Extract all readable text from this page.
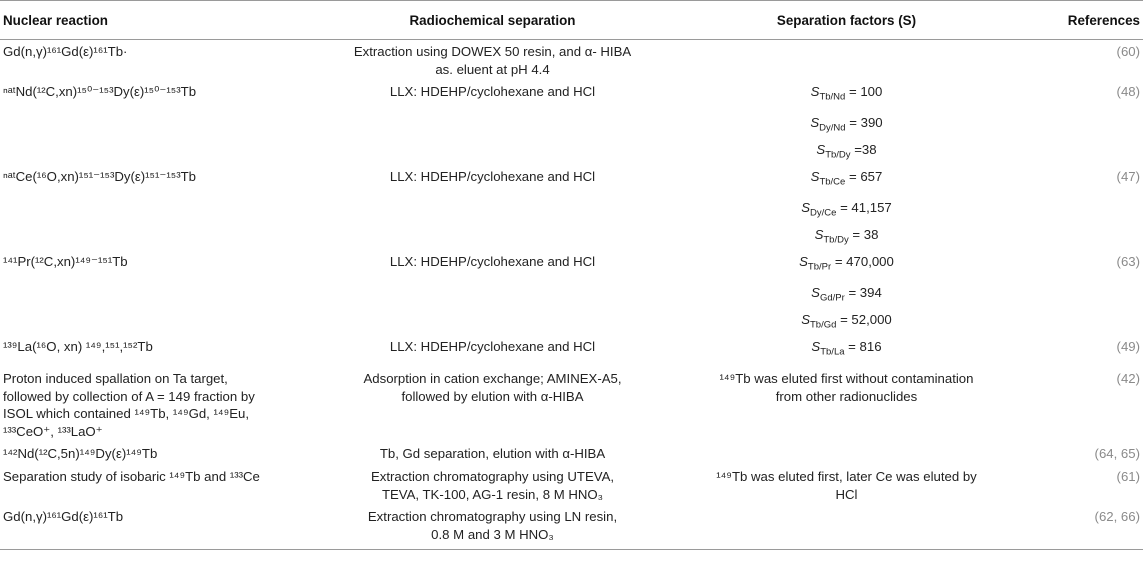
Nuclear reaction	Radiochemical separation	Separation factors (S)	References

Gd(n,γ)¹⁶¹Gd(ε)¹⁶¹Tb·	Extraction using DOWEX 50 resin, and α- HIBA
as. eluent at pH 4.4		(60)

ⁿᵃᵗNd(¹²C,xn)¹⁵⁰⁻¹⁵³Dy(ε)¹⁵⁰⁻¹⁵³Tb	LLX: HDEHP/cyclohexane and HCl	$S_{Tb/Nd} = 100$
$S_{Dy/Nd} = 390$
$S_{Tb/Dy} =38$	(48)

ⁿᵃᵗCe(¹⁶O,xn)¹⁵¹⁻¹⁵³Dy(ε)¹⁵¹⁻¹⁵³Tb	LLX: HDEHP/cyclohexane and HCl	$S_{Tb/Ce} = 657$
$S_{Dy/Ce} = 41,157$
$S_{Tb/Dy} = 38$	(47)

¹⁴¹Pr(¹²C,xn)¹⁴⁹⁻¹⁵¹Tb	LLX: HDEHP/cyclohexane and HCl	$S_{Tb/Pr} = 470,000$
$S_{Gd/Pr} = 394$
$S_{Tb/Gd} = 52,000$	(63)

¹³⁹La(¹⁶O, xn) ¹⁴⁹,¹⁵¹,¹⁵²Tb	LLX: HDEHP/cyclohexane and HCl	$S_{Tb/La} = 816$	(49)

Proton induced spallation on Ta target,
followed by collection of A = 149 fraction by
ISOL which contained ¹⁴⁹Tb, ¹⁴⁹Gd, ¹⁴⁹Eu,
¹³³CeO⁺, ¹³³LaO⁺	Adsorption in cation exchange; AMINEX-A5,
followed by elution with α-HIBA	¹⁴⁹Tb was eluted first without contamination
from other radionuclides	(42)

¹⁴²Nd(¹²C,5n)¹⁴⁹Dy(ε)¹⁴⁹Tb	Tb, Gd separation, elution with α-HIBA		(64, 65)

Separation study of isobaric ¹⁴⁹Tb and ¹³³Ce	Extraction chromatography using UTEVA,
TEVA, TK-100, AG-1 resin, 8 M HNO₃	¹⁴⁹Tb was eluted first, later Ce was eluted by
HCl	(61)

Gd(n,γ)¹⁶¹Gd(ε)¹⁶¹Tb	Extraction chromatography using LN resin,
0.8 M and 3 M HNO₃		(62, 66)
